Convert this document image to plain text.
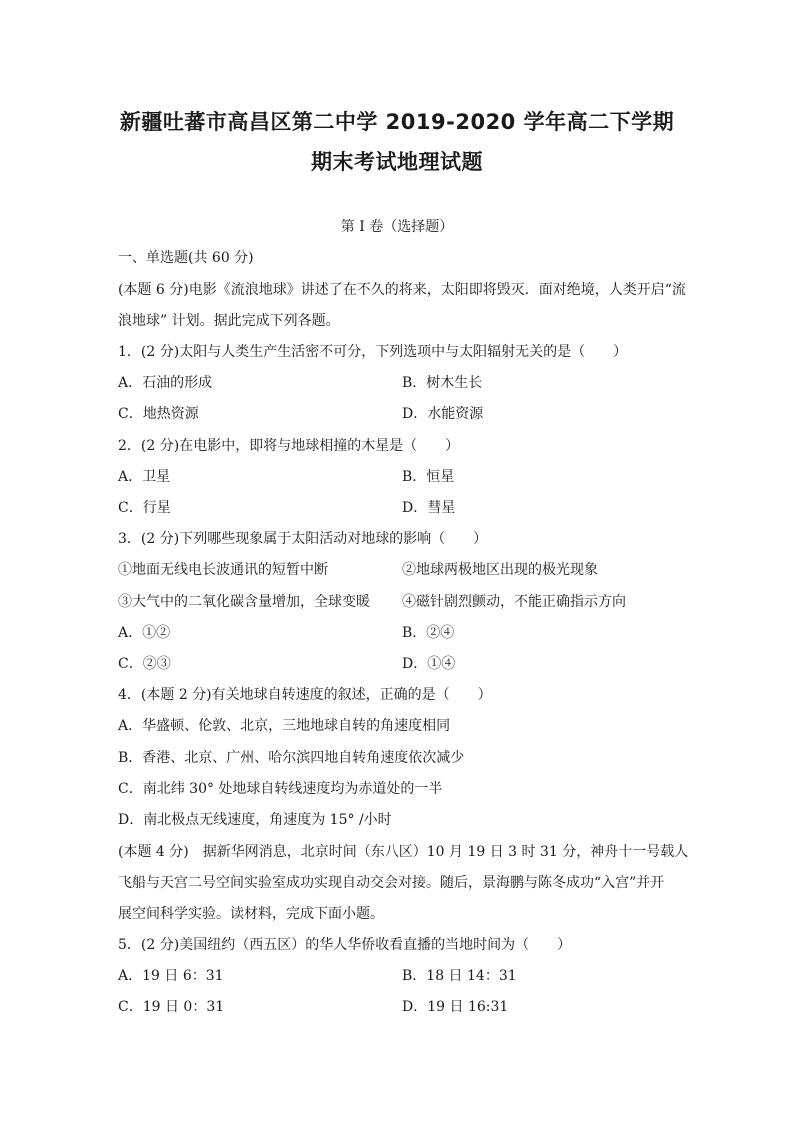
新疆吐蕃市高昌区第二中学 2019-2020 学年高二下学期
期末考试地理试题
第 I 卷（选择题）
一、单选题(共 60 分)
(本题 6 分)电影《流浪地球》讲述了在不久的将来，太阳即将毁灭．面对绝境，人类开启“流
浪地球” 计划。据此完成下列各题。
1．(2 分)太阳与人类生产生活密不可分，下列选项中与太阳辐射无关的是（　　）
A．石油的形成	B．树木生长
C．地热资源	D．水能资源
2．(2 分)在电影中，即将与地球相撞的木星是（　　）
A．卫星	B．恒星
C．行星	D．彗星
3．(2 分)下列哪些现象属于太阳活动对地球的影响（　　）
①地面无线电长波通讯的短暂中断	②地球两极地区出现的极光现象
③大气中的二氧化碳含量增加，全球变暖 ④磁针剧烈颤动，不能正确指示方向
A．①②	B．②④
C．②③	D．①④
4．(本题 2 分)有关地球自转速度的叙述，正确的是（　　）
A．华盛顿、伦敦、北京，三地地球自转的角速度相同
B．香港、北京、广州、哈尔滨四地自转角速度依次减少
C．南北纬 30° 处地球自转线速度均为赤道处的一半
D．南北极点无线速度，角速度为 15° /小时
(本题 4 分)　据新华网消息，北京时间（东八区）10 月 19 日 3 时 31 分，神舟十一号载人
飞船与天宫二号空间实验室成功实现自动交会对接。随后，景海鹏与陈冬成功“入宫”并开
展空间科学实验。读材料，完成下面小题。
5．(2 分)美国纽约（西五区）的华人华侨收看直播的当地时间为（　　）
A．19 日 6：31	B．18 日 14：31
C．19 日 0：31	D．19 日 16:31
